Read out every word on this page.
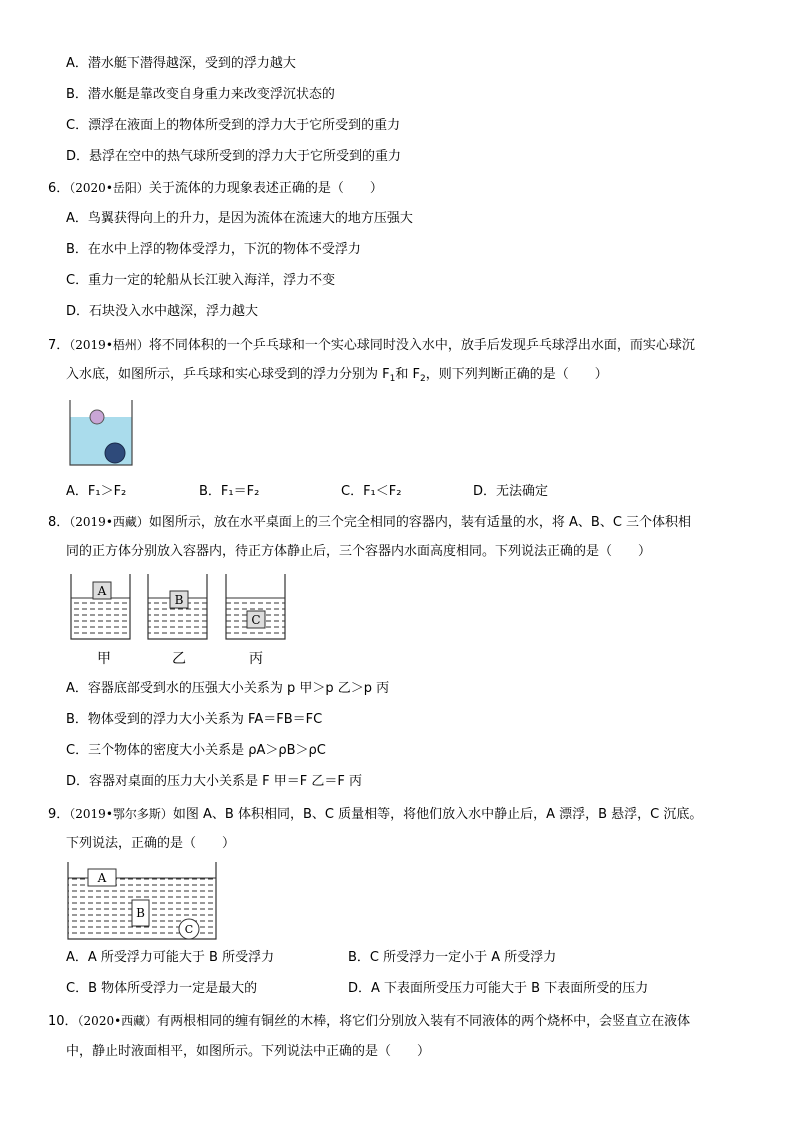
A．潜水艇下潜得越深，受到的浮力越大
B．潜水艇是靠改变自身重力来改变浮沉状态的
C．漂浮在液面上的物体所受到的浮力大于它所受到的重力
D．悬浮在空中的热气球所受到的浮力大于它所受到的重力
6．（2020•岳阳）关于流体的力现象表述正确的是（　　）
A．鸟翼获得向上的升力，是因为流体在流速大的地方压强大
B．在水中上浮的物体受浮力，下沉的物体不受浮力
C．重力一定的轮船从长江驶入海洋，浮力不变
D．石块没入水中越深，浮力越大
7．（2019•梧州）将不同体积的一个乒乓球和一个实心球同时没入水中，放手后发现乒乓球浮出水面，而实心球沉
入水底，如图所示，乒乓球和实心球受到的浮力分别为 $F_1$和 $F_2$，则下列判断正确的是（　　）
A．F₁＞F₂	B．F₁＝F₂	C．F₁＜F₂	D．无法确定
8．（2019•西藏）如图所示，放在水平桌面上的三个完全相同的容器内，装有适量的水，将 A、B、C 三个体积相
同的正方体分别放入容器内，待正方体静止后，三个容器内水面高度相同。下列说法正确的是（　　）
A
B
C
甲	乙	丙
A．容器底部受到水的压强大小关系为 p 甲＞p 乙＞p 丙
B．物体受到的浮力大小关系为 FA＝FB＝FC
C．三个物体的密度大小关系是 ρA＞ρB＞ρC
D．容器对桌面的压力大小关系是 F 甲＝F 乙＝F 丙
9．（2019•鄂尔多斯）如图 A、B 体积相同，B、C 质量相等，将他们放入水中静止后，A 漂浮，B 悬浮，C 沉底。
下列说法，正确的是（　　）
A
B
C
A．A 所受浮力可能大于 B 所受浮力	B．C 所受浮力一定小于 A 所受浮力
C．B 物体所受浮力一定是最大的	D．A 下表面所受压力可能大于 B 下表面所受的压力
10．（2020•西藏）有两根相同的缠有铜丝的木棒，将它们分别放入装有不同液体的两个烧杯中，会竖直立在液体
中，静止时液面相平，如图所示。下列说法中正确的是（　　）
